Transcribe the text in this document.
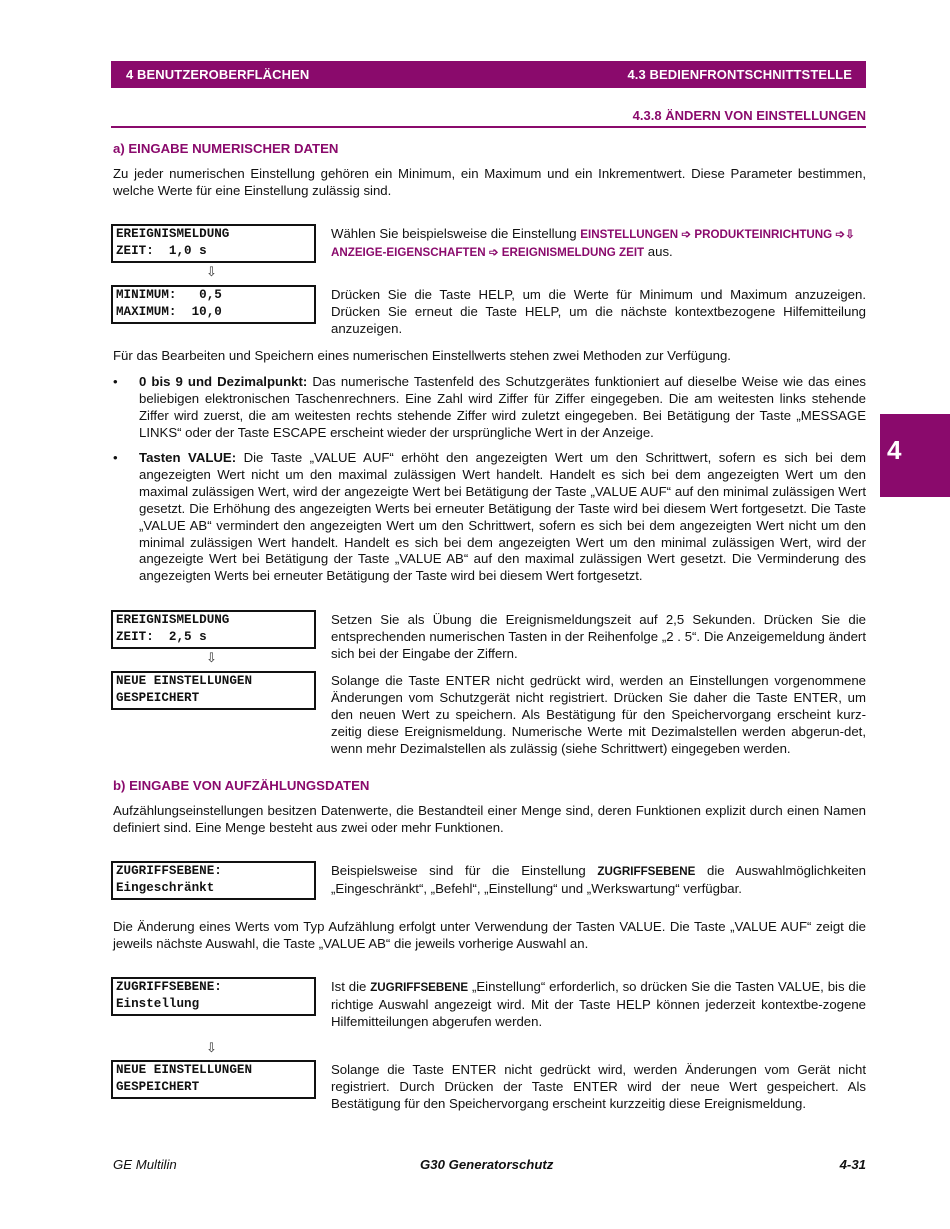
4 BENUTZEROBERFLÄCHEN	4.3 BEDIENFRONTSCHNITTSTELLE
4.3.8 ÄNDERN VON EINSTELLUNGEN
4
a) EINGABE NUMERISCHER DATEN
Zu jeder numerischen Einstellung gehören ein Minimum, ein Maximum und ein Inkrementwert. Diese Parameter bestimmen, welche Werte für eine Einstellung zulässig sind.
EREIGNISMELDUNG
ZEIT:  1,0 s
⇩
MINIMUM:   0,5
MAXIMUM:  10,0
Wählen Sie beispielsweise die Einstellung EINSTELLUNGEN ➩ PRODUKTEINRICHTUNG ➩⇩
ANZEIGE-EIGENSCHAFTEN ➩ EREIGNISMELDUNG ZEIT aus.
Drücken Sie die Taste HELP, um die Werte für Minimum und Maximum anzuzeigen. Drücken Sie erneut die Taste HELP, um die nächste kontextbezogene Hilfemitteilung anzuzeigen.
Für das Bearbeiten und Speichern eines numerischen Einstellwerts stehen zwei Methoden zur Verfügung.
• 0 bis 9 und Dezimalpunkt: Das numerische Tastenfeld des Schutzgerätes funktioniert auf dieselbe Weise wie das eines beliebigen elektronischen Taschenrechners. Eine Zahl wird Ziffer für Ziffer eingegeben. Die am weitesten links stehende Ziffer wird zuerst, die am weitesten rechts stehende Ziffer wird zuletzt eingegeben. Bei Betätigung der Taste „MESSAGE LINKS“ oder der Taste ESCAPE erscheint wieder der ursprüngliche Wert in der Anzeige.
• Tasten VALUE: Die Taste „VALUE AUF“ erhöht den angezeigten Wert um den Schrittwert, sofern es sich bei dem angezeigten Wert nicht um den maximal zulässigen Wert handelt. Handelt es sich bei dem angezeigten Wert um den maximal zulässigen Wert, wird der angezeigte Wert bei Betätigung der Taste „VALUE AUF“ auf den minimal zulässigen Wert gesetzt. Die Erhöhung des angezeigten Werts bei erneuter Betätigung der Taste wird bei diesem Wert fortgesetzt. Die Taste „VALUE AB“ vermindert den angezeigten Wert um den Schrittwert, sofern es sich bei dem angezeigten Wert nicht um den minimal zulässigen Wert handelt. Handelt es sich bei dem angezeigten Wert um den minimal zulässigen Wert, wird der angezeigte Wert bei Betätigung der Taste „VALUE AB“ auf den maximal zulässigen Wert gesetzt. Die Verminderung des angezeigten Werts bei erneuter Betätigung der Taste wird bei diesem Wert fortgesetzt.
EREIGNISMELDUNG
ZEIT:  2,5 s
⇩
NEUE EINSTELLUNGEN
GESPEICHERT
Setzen Sie als Übung die Ereignismeldungszeit auf 2,5 Sekunden. Drücken Sie die entsprechenden numerischen Tasten in der Reihenfolge „2 . 5“. Die Anzeigemeldung ändert sich bei der Eingabe der Ziffern.
Solange die Taste ENTER nicht gedrückt wird, werden an Einstellungen vorgenommene Änderungen vom Schutzgerät nicht registriert. Drücken Sie daher die Taste ENTER, um den neuen Wert zu speichern. Als Bestätigung für den Speichervorgang erscheint kurz-zeitig diese Ereignismeldung. Numerische Werte mit Dezimalstellen werden abgerun-det, wenn mehr Dezimalstellen als zulässig (siehe Schrittwert) eingegeben werden.
b) EINGABE VON AUFZÄHLUNGSDATEN
Aufzählungseinstellungen besitzen Datenwerte, die Bestandteil einer Menge sind, deren Funktionen explizit durch einen Namen definiert sind. Eine Menge besteht aus zwei oder mehr Funktionen.
ZUGRIFFSEBENE:
Eingeschränkt
Beispielsweise sind für die Einstellung ZUGRIFFSEBENE die Auswahlmöglichkeiten „Eingeschränkt“, „Befehl“, „Einstellung“ und „Werkswartung“ verfügbar.
Die Änderung eines Werts vom Typ Aufzählung erfolgt unter Verwendung der Tasten VALUE. Die Taste „VALUE AUF“ zeigt die jeweils nächste Auswahl, die Taste „VALUE AB“ die jeweils vorherige Auswahl an.
ZUGRIFFSEBENE:
Einstellung
Ist die ZUGRIFFSEBENE „Einstellung“ erforderlich, so drücken Sie die Tasten VALUE, bis die richtige Auswahl angezeigt wird. Mit der Taste HELP können jederzeit kontextbe-zogene Hilfemitteilungen abgerufen werden.
⇩
NEUE EINSTELLUNGEN
GESPEICHERT
Solange die Taste ENTER nicht gedrückt wird, werden Änderungen vom Gerät nicht registriert. Durch Drücken der Taste ENTER wird der neue Wert gespeichert. Als Bestätigung für den Speichervorgang erscheint kurzzeitig diese Ereignismeldung.
GE Multilin	G30 Generatorschutz	4-31
